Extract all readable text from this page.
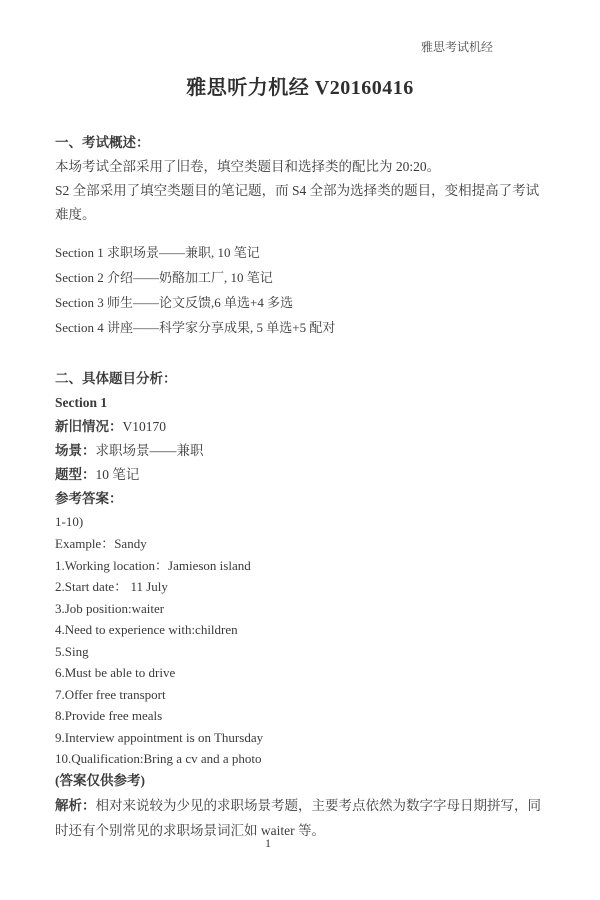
雅思考试机经
雅思听力机经 V20160416
一、考试概述：

本场考试全部采用了旧卷，填空类题目和选择类的配比为 20:20。

S2 全部采用了填空类题目的笔记题，而 S4 全部为选择类的题目，变相提高了考试难度。

Section 1 求职场景——兼职, 10 笔记
Section 2 介绍——奶酪加工厂, 10 笔记
Section 3 师生——论文反馈,6 单选+4 多选
Section 4 讲座——科学家分享成果, 5 单选+5 配对
二、具体题目分析：
Section 1
新旧情况：V10170
场景：求职场景——兼职
题型：10 笔记
参考答案：
1-10)
Example：Sandy
1.Working location：Jamieson island
2.Start date： 11 July
3.Job position:waiter
4.Need to experience with:children
5.Sing
6.Must be able to drive
7.Offer free transport
8.Provide free meals
9.Interview appointment is on Thursday
10.Qualification:Bring a cv and a photo
(答案仅供参考)

解析：相对来说较为少见的求职场景考题，主要考点依然为数字字母日期拼写，同时还有个别常见的求职场景词汇如 waiter 等。

1
